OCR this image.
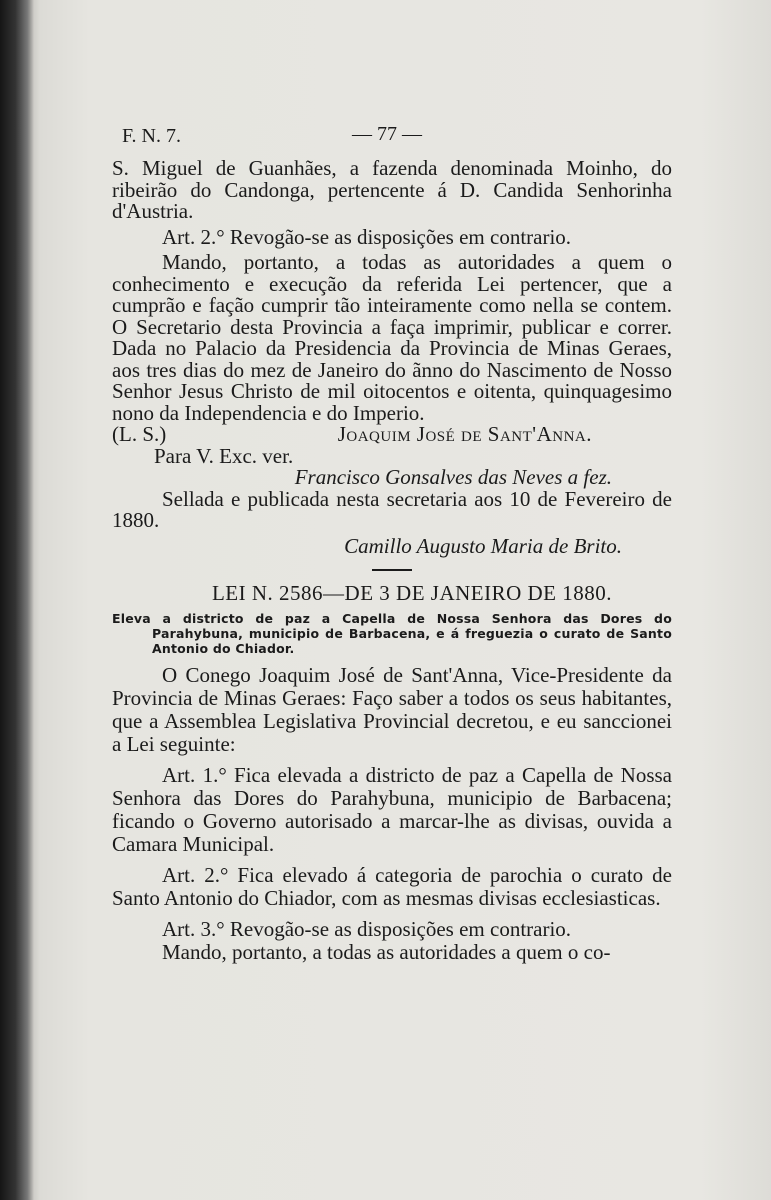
F. N. 7.	— 77 —

S. Miguel de Guanhães, a fazenda denominada Moinho, do ribeirão do Candonga, pertencente á D. Candida Senhorinha d'Austria.

Art. 2.° Revogão-se as disposições em contrario.

Mando, portanto, a todas as autoridades a quem o conhecimento e execução da referida Lei pertencer, que a cumprão e fação cumprir tão inteiramente como nella se contem. O Secretario desta Provincia a faça imprimir, publicar e correr. Dada no Palacio da Presidencia da Provincia de Minas Geraes, aos tres dias do mez de Janeiro do ãnno do Nascimento de Nosso Senhor Jesus Christo de mil oitocentos e oitenta, quinquagesimo nono da Independencia e do Imperio.

(L. S.)	Joaquim José de Sant'Anna.

Para V. Exc. ver.

Francisco Gonsalves das Neves a fez.

Sellada e publicada nesta secretaria aos 10 de Fevereiro de 1880.

Camillo Augusto Maria de Brito.

LEI N. 2586—DE 3 DE JANEIRO DE 1880.

Eleva a districto de paz a Capella de Nossa Senhora das Dores do Parahybuna, municipio de Barbacena, e á freguezia o curato de Santo Antonio do Chiador.

O Conego Joaquim José de Sant'Anna, Vice-Presidente da Provincia de Minas Geraes: Faço saber a todos os seus habitantes, que a Assemblea Legislativa Provincial decretou, e eu sanccionei a Lei seguinte:

Art. 1.° Fica elevada a districto de paz a Capella de Nossa Senhora das Dores do Parahybuna, municipio de Barbacena; ficando o Governo autorisado a marcar-lhe as divisas, ouvida a Camara Municipal.

Art. 2.° Fica elevado á categoria de parochia o curato de Santo Antonio do Chiador, com as mesmas divisas ecclesiasticas.

Art. 3.° Revogão-se as disposições em contrario.

Mando, portanto, a todas as autoridades a quem o co-
